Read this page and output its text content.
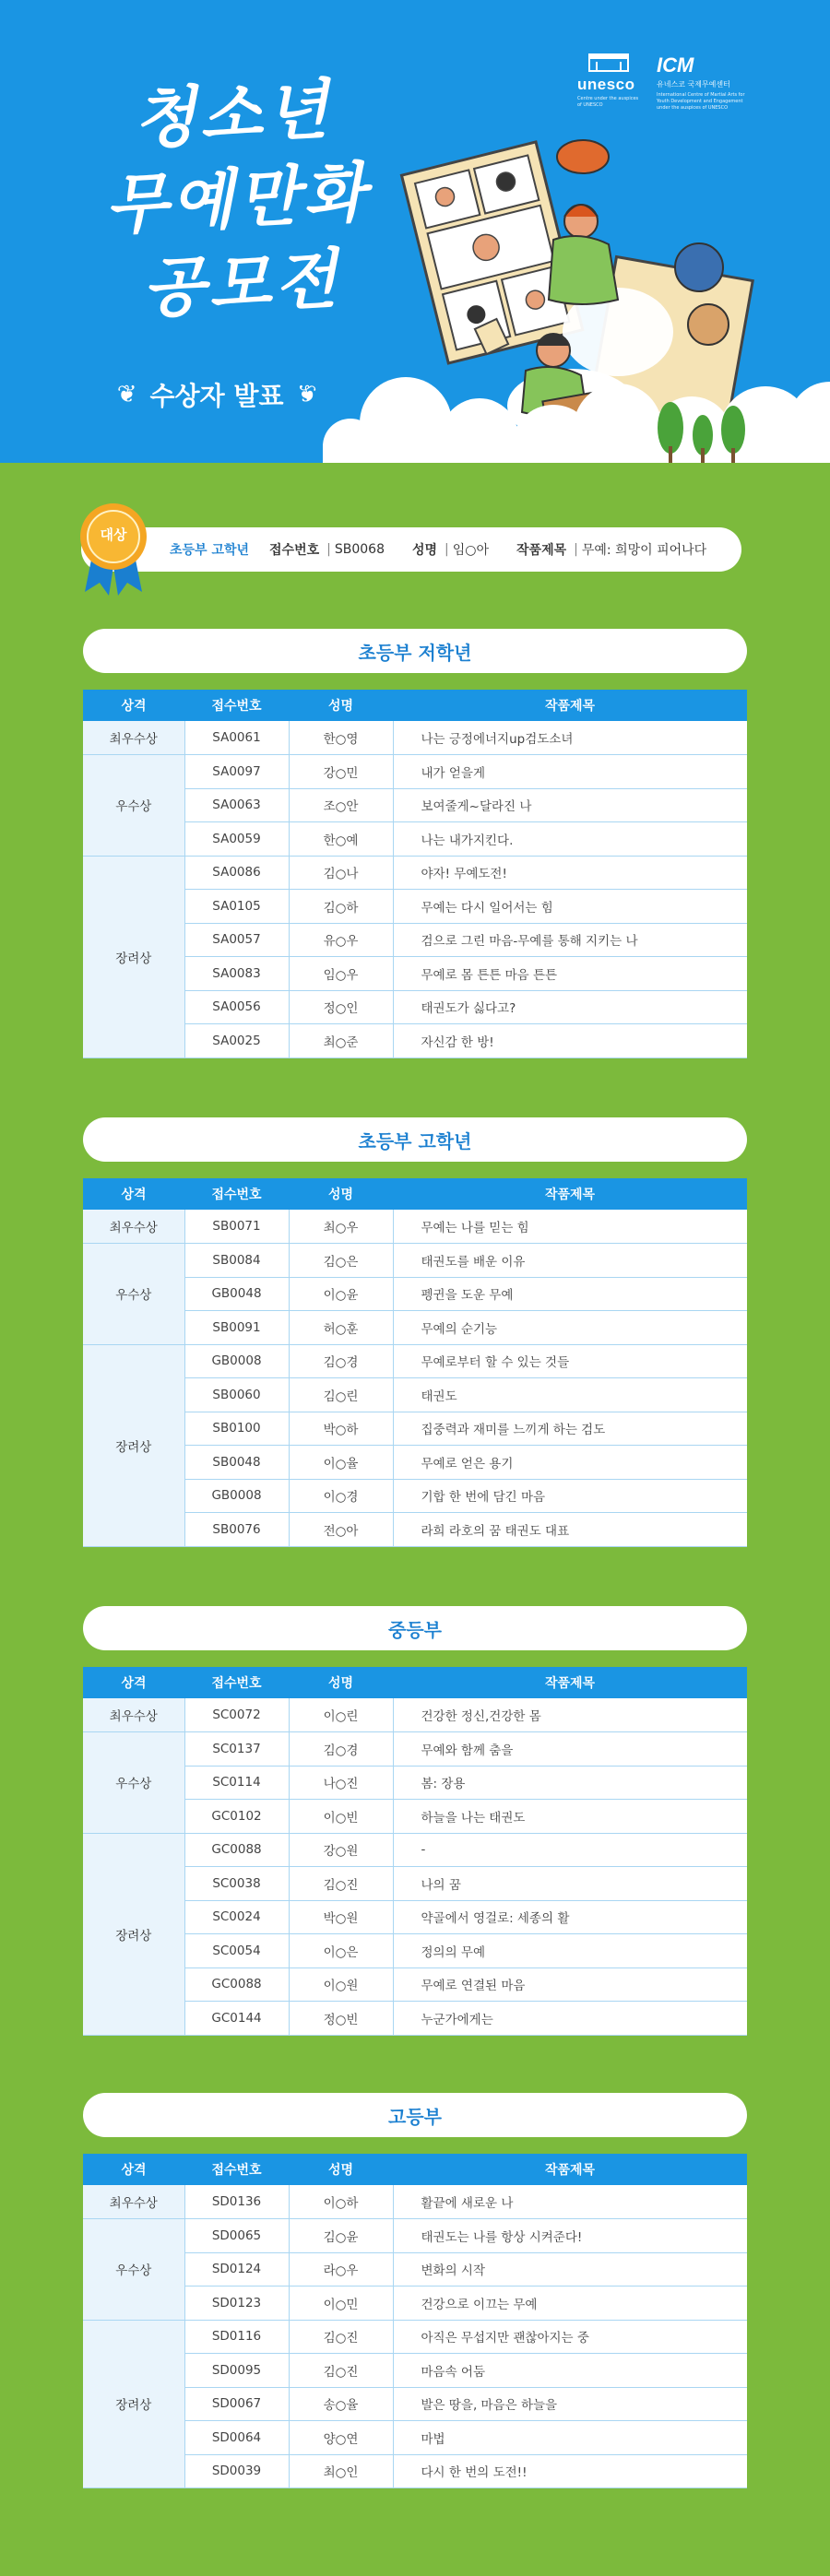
청소년
무예만화
공모전
❦ 수상자 발표 ❦
unesco
Centre under the auspices of UNESCO
ICM
유네스코 국제무예센터
International Centre of Martial Arts for Youth Development and Engagement under the auspices of UNESCO
초등부 고학년 접수번호 | SB0068 성명 | 임○아 작품제목 | 무예: 희망이 피어나다
대상
초등부 저학년
상격	접수번호	성명	작품제목
최우수상	SA0061	한○영	나는 긍정에너지up검도소녀
우수상	SA0097	강○민	내가 얻을게
	SA0063	조○안	보여줄게~달라진 나
	SA0059	한○예	나는 내가지킨다.
장려상	SA0086	김○나	야자! 무예도전!
	SA0105	김○하	무예는 다시 일어서는 힘
	SA0057	유○우	검으로 그린 마음-무예를 통해 지키는 나
	SA0083	임○우	무예로 몸 튼튼 마음 튼튼
	SA0056	정○인	태권도가 싫다고?
	SA0025	최○준	자신감 한 방!
초등부 고학년
상격	접수번호	성명	작품제목
최우수상	SB0071	최○우	무예는 나를 믿는 힘
우수상	SB0084	김○은	태권도를 배운 이유
	GB0048	이○윤	펭귄을 도운 무예
	SB0091	허○훈	무예의 순기능
장려상	GB0008	김○경	무예로부터 할 수 있는 것들
	SB0060	김○린	태권도
	SB0100	박○하	집중력과 재미를 느끼게 하는 검도
	SB0048	이○율	무예로 얻은 용기
	GB0008	이○경	기합 한 번에 담긴 마음
	SB0076	전○아	라희 라호의 꿈 태권도 대표
중등부
상격	접수번호	성명	작품제목
최우수상	SC0072	이○린	건강한 정신,건강한 몸
우수상	SC0137	김○경	무예와 함께 춤을
	SC0114	나○진	봄: 장용
	GC0102	이○빈	하늘을 나는 태권도
장려상	GC0088	강○원	-
	SC0038	김○진	나의 꿈
	SC0024	박○원	약골에서 영걸로: 세종의 활
	SC0054	이○은	정의의 무예
	GC0088	이○원	무예로 연결된 마음
	GC0144	정○빈	누군가에게는
고등부
상격	접수번호	성명	작품제목
최우수상	SD0136	이○하	활끝에 새로운 나
우수상	SD0065	김○윤	태권도는 나를 항상 시켜준다!
	SD0124	라○우	변화의 시작
	SD0123	이○민	건강으로 이끄는 무예
장려상	SD0116	김○진	아직은 무섭지만 괜찮아지는 중
	SD0095	김○진	마음속 어둠
	SD0067	송○율	발은 땅을, 마음은 하늘을
	SD0064	양○연	마법
	SD0039	최○인	다시 한 번의 도전!!
